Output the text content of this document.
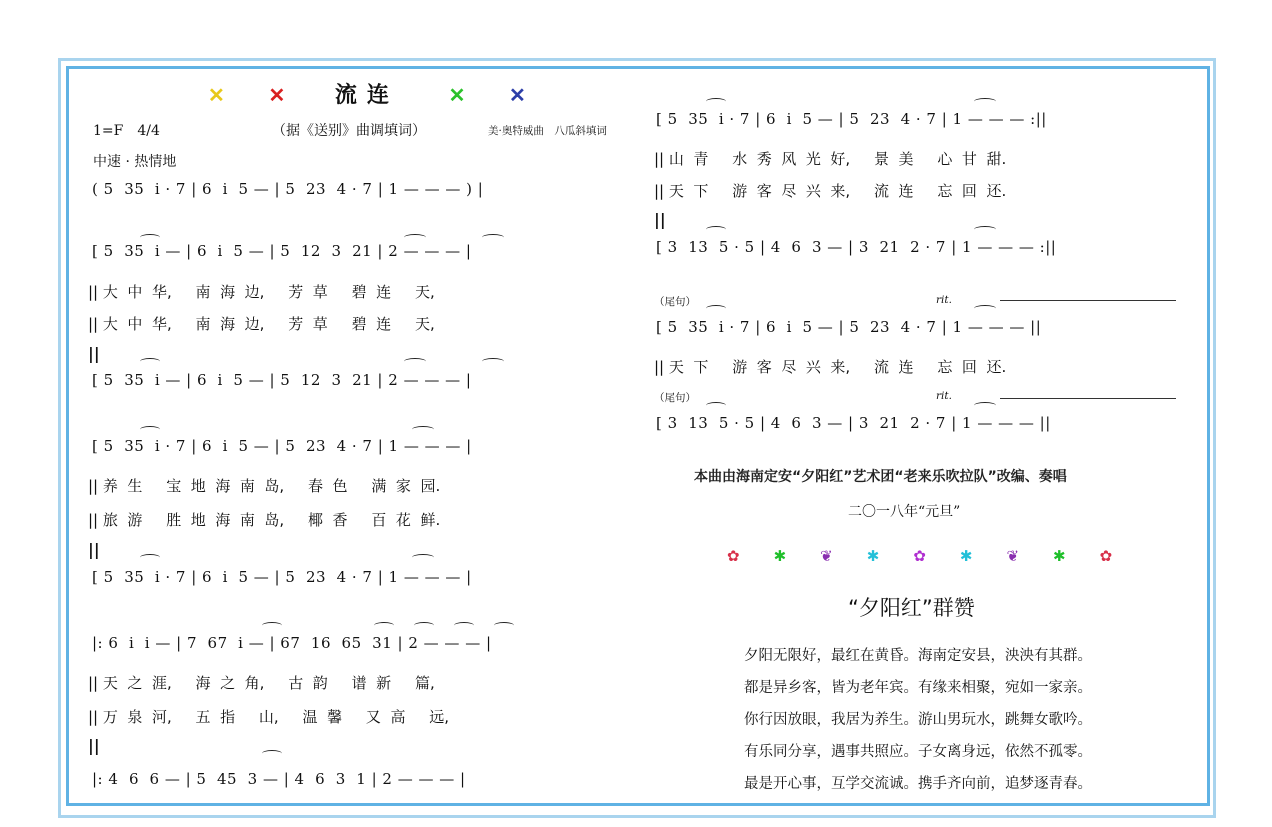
✕ ✕ 流连 ✕ ✕
1=F　4/4	（据《送别》曲调填词）	美·奥特威曲　八瓜斜填词
中速 · 热情地
( 5  35  i · 7 | 6  i  5 — | 5  23  4 · 7 | 1 — — — ) |
[ 5  35  i — | 6  i  5 — | 5  12  3  21 | 2 — — — |
|| 大  中  华,     南  海  边,     芳  草     碧  连     天,
|| 大  中  华,     南  海  边,     芳  草     碧  连     天,
||
[ 5  35  i — | 6  i  5 — | 5  12  3  21 | 2 — — — |
[ 5  35  i · 7 | 6  i  5 — | 5  23  4 · 7 | 1 — — — |
|| 养  生     宝  地  海  南  岛,     春  色     满  家  园.
|| 旅  游     胜  地  海  南  岛,     椰  香     百  花  鲜.
||
[ 5  35  i · 7 | 6  i  5 — | 5  23  4 · 7 | 1 — — — |
|: 6  i  i — | 7  67  i — | 67  16  65  31 | 2 — — — |
|| 天  之  涯,     海  之  角,     古  韵     谱  新     篇,
|| 万  泉  河,     五  指     山,     温  馨     又  高     远,
||
|: 4  6  6 — | 5  45  3 — | 4  6  3  1 | 2 — — — |
[ 5  35  i · 7 | 6  i  5 — | 5  23  4 · 7 | 1 — — — :||
|| 山  青     水  秀  风  光  好,     景  美     心  甘  甜.
|| 天  下     游  客  尽  兴  来,     流  连     忘  回  还.
||
[ 3  13  5 · 5 | 4  6  3 — | 3  21  2 · 7 | 1 — — — :||
（尾句）	rit.
[ 5  35  i · 7 | 6  i  5 — | 5  23  4 · 7 | 1 — — — ||
|| 天  下     游  客  尽  兴  来,     流  连     忘  回  还.
（尾句）	rit.
[ 3  13  5 · 5 | 4  6  3 — | 3  21  2 · 7 | 1 — — — ||
本曲由海南定安“夕阳红”艺术团“老来乐吹拉队”改编、奏唱
二〇一八年“元旦”
✿ ✱ ❦ ✱ ✿ ✱ ❦ ✱ ✿
“夕阳红”群赞
夕阳无限好，最红在黄昏。海南定安县，泱泱有其群。
都是异乡客，皆为老年宾。有缘来相聚，宛如一家亲。
你行因放眼，我居为养生。游山男玩水，跳舞女歌吟。
有乐同分享，遇事共照应。子女离身远，依然不孤零。
最是开心事，互学交流诚。携手齐向前，追梦逐青春。
